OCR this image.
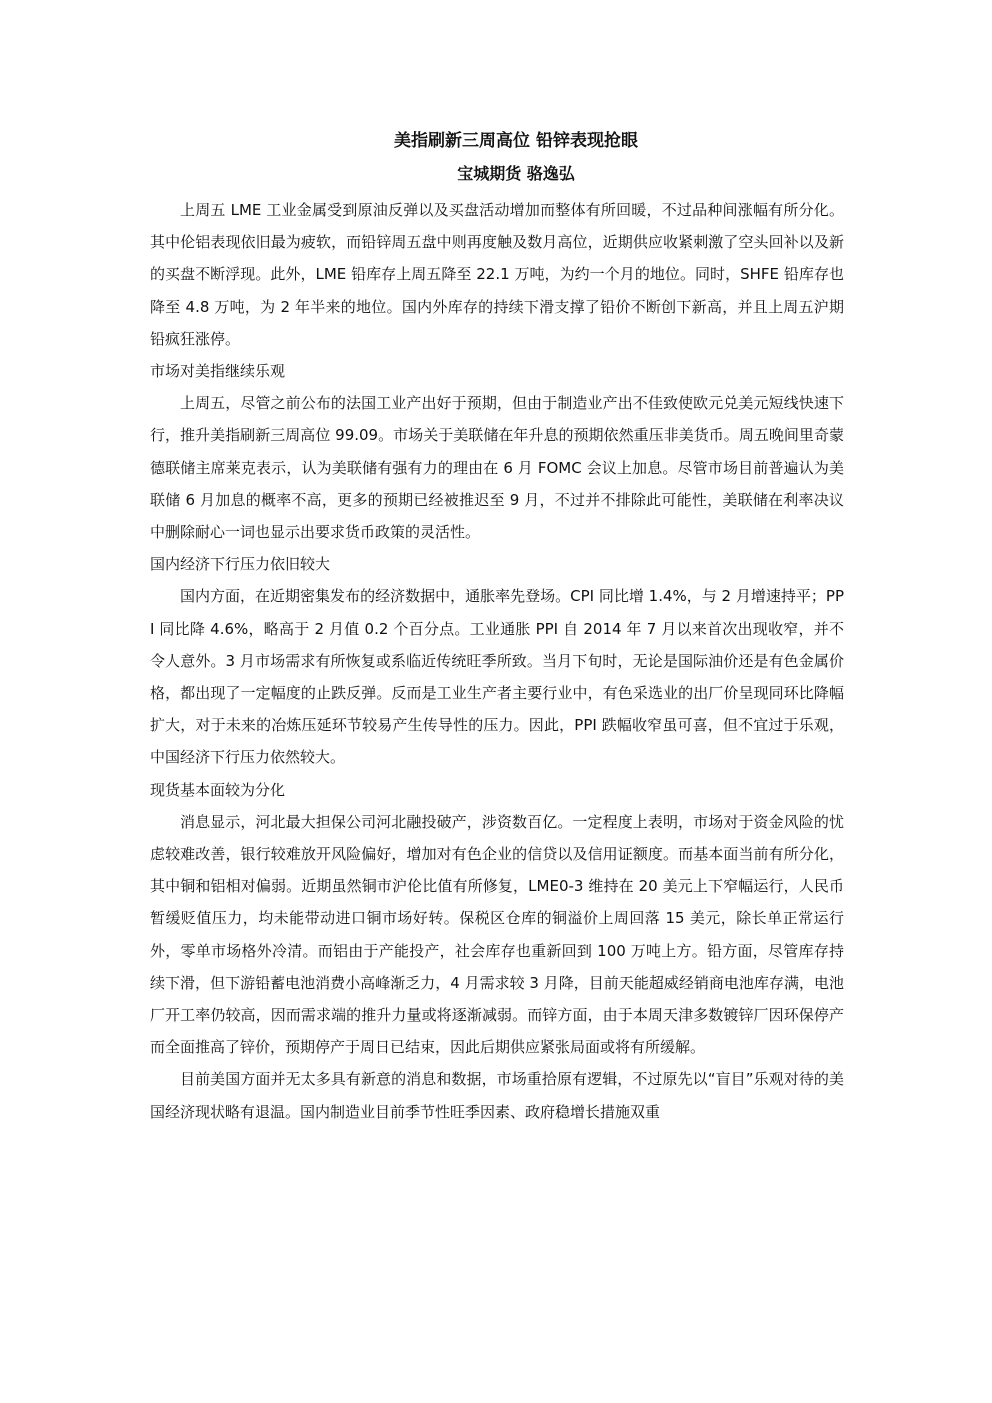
美指刷新三周高位 铅锌表现抢眼
宝城期货 骆逸弘

上周五 LME 工业金属受到原油反弹以及买盘活动增加而整体有所回暖，不过品种间涨幅有所分化。其中伦铝表现依旧最为疲软，而铅锌周五盘中则再度触及数月高位，近期供应收紧刺激了空头回补以及新的买盘不断浮现。此外，LME 铅库存上周五降至 22.1 万吨，为约一个月的地位。同时，SHFE 铅库存也降至 4.8 万吨，为 2 年半来的地位。国内外库存的持续下滑支撑了铅价不断创下新高，并且上周五沪期铅疯狂涨停。

市场对美指继续乐观

上周五，尽管之前公布的法国工业产出好于预期，但由于制造业产出不佳致使欧元兑美元短线快速下行，推升美指刷新三周高位 99.09。市场关于美联储在年升息的预期依然重压非美货币。周五晚间里奇蒙德联储主席莱克表示，认为美联储有强有力的理由在 6 月 FOMC 会议上加息。尽管市场目前普遍认为美联储 6 月加息的概率不高，更多的预期已经被推迟至 9 月，不过并不排除此可能性，美联储在利率决议中删除耐心一词也显示出要求货币政策的灵活性。

国内经济下行压力依旧较大

国内方面，在近期密集发布的经济数据中，通胀率先登场。CPI 同比增 1.4%，与 2 月增速持平；PPI 同比降 4.6%，略高于 2 月值 0.2 个百分点。工业通胀 PPI 自 2014 年 7 月以来首次出现收窄，并不令人意外。3 月市场需求有所恢复或系临近传统旺季所致。当月下旬时，无论是国际油价还是有色金属价格，都出现了一定幅度的止跌反弹。反而是工业生产者主要行业中，有色采选业的出厂价呈现同环比降幅扩大，对于未来的冶炼压延环节较易产生传导性的压力。因此，PPI 跌幅收窄虽可喜，但不宜过于乐观，中国经济下行压力依然较大。

现货基本面较为分化

消息显示，河北最大担保公司河北融投破产，涉资数百亿。一定程度上表明，市场对于资金风险的忧虑较难改善，银行较难放开风险偏好，增加对有色企业的信贷以及信用证额度。而基本面当前有所分化，其中铜和铝相对偏弱。近期虽然铜市沪伦比值有所修复，LME0-3 维持在 20 美元上下窄幅运行，人民币暂缓贬值压力，均未能带动进口铜市场好转。保税区仓库的铜溢价上周回落 15 美元，除长单正常运行外，零单市场格外冷清。而铝由于产能投产，社会库存也重新回到 100 万吨上方。铅方面，尽管库存持续下滑，但下游铅蓄电池消费小高峰渐乏力，4 月需求较 3 月降，目前天能超威经销商电池库存满，电池厂开工率仍较高，因而需求端的推升力量或将逐渐减弱。而锌方面，由于本周天津多数镀锌厂因环保停产而全面推高了锌价，预期停产于周日已结束，因此后期供应紧张局面或将有所缓解。

目前美国方面并无太多具有新意的消息和数据，市场重拾原有逻辑，不过原先以“盲目”乐观对待的美国经济现状略有退温。国内制造业目前季节性旺季因素、政府稳增长措施双重
